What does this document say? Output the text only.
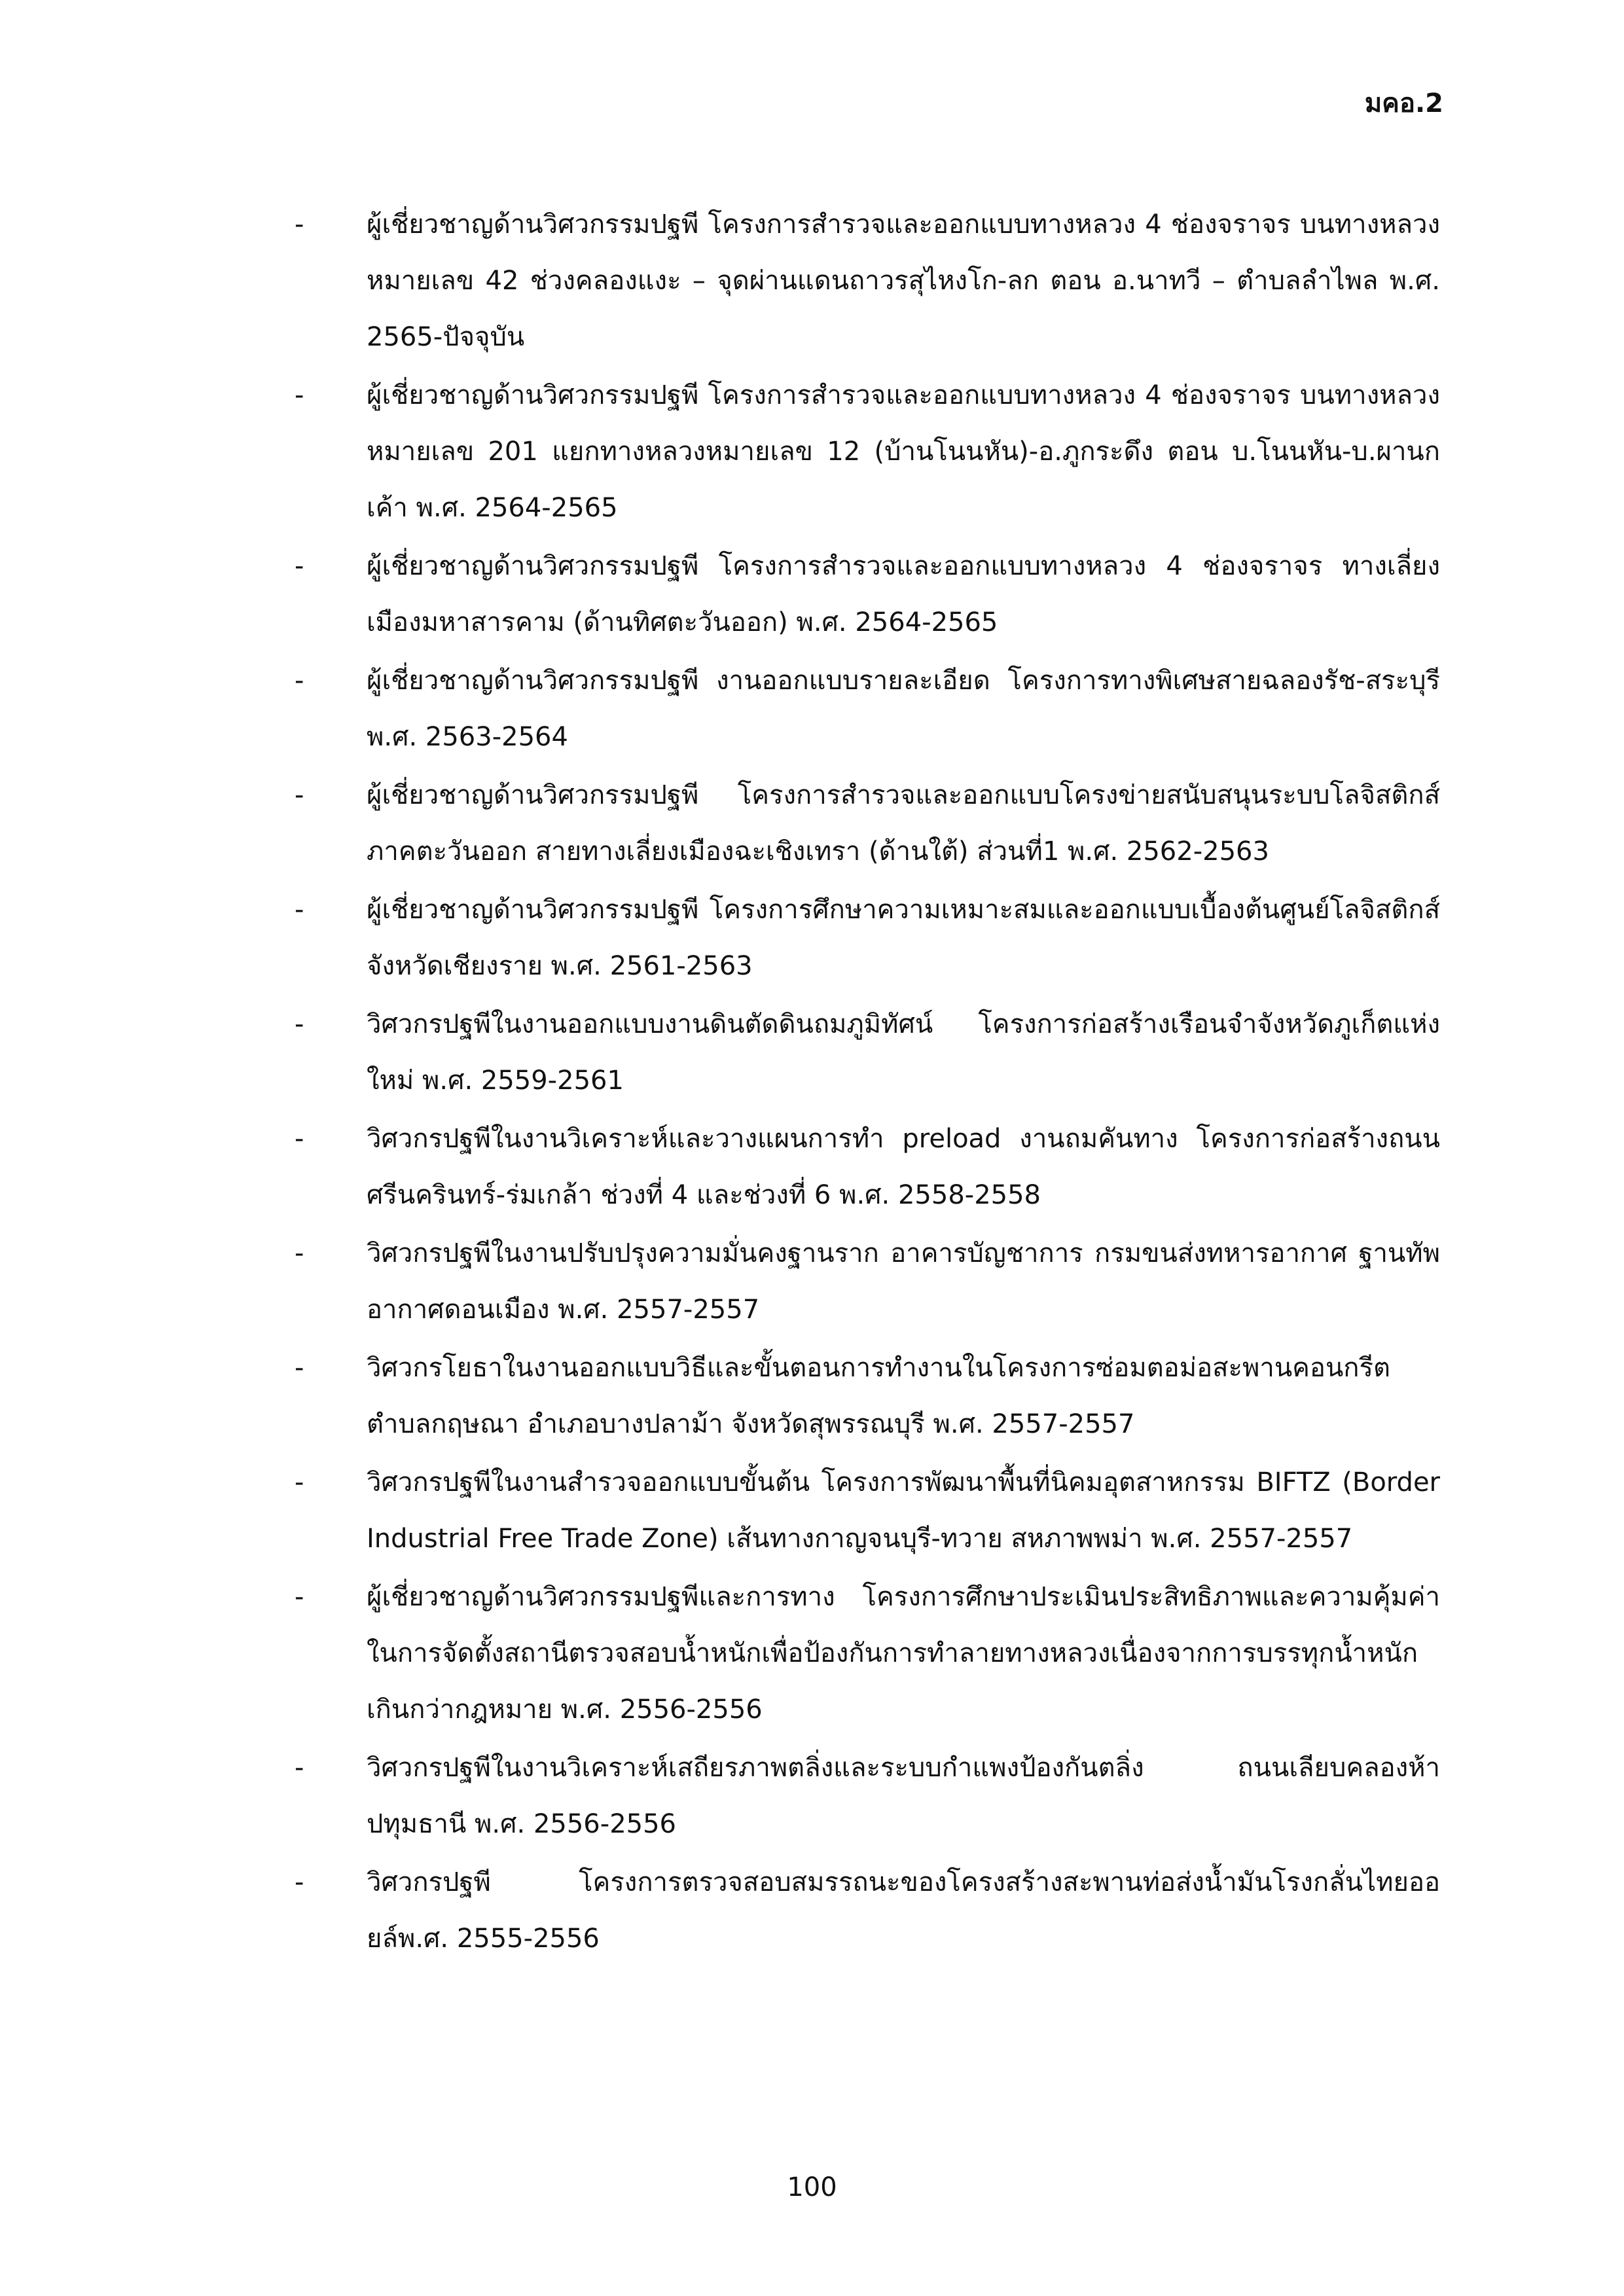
มคอ.2
- ผู้เชี่ยวชาญด้านวิศวกรรมปฐพี โครงการสำรวจและออกแบบทางหลวง 4 ช่องจราจร บนทางหลวงหมายเลข 42 ช่วงคลองแงะ – จุดผ่านแดนถาวรสุไหงโก-ลก ตอน อ.นาทวี – ตำบลลำไพล พ.ศ. 2565-ปัจจุบัน
- ผู้เชี่ยวชาญด้านวิศวกรรมปฐพี โครงการสำรวจและออกแบบทางหลวง 4 ช่องจราจร บนทางหลวงหมายเลข 201 แยกทางหลวงหมายเลข 12 (บ้านโนนหัน)-อ.ภูกระดึง ตอน บ.โนนหัน-บ.ผานกเค้า พ.ศ. 2564-2565
- ผู้เชี่ยวชาญด้านวิศวกรรมปฐพี โครงการสำรวจและออกแบบทางหลวง 4 ช่องจราจร ทางเลี่ยงเมืองมหาสารคาม (ด้านทิศตะวันออก) พ.ศ. 2564-2565
- ผู้เชี่ยวชาญด้านวิศวกรรมปฐพี งานออกแบบรายละเอียด โครงการทางพิเศษสายฉลองรัช-สระบุรี พ.ศ. 2563-2564
- ผู้เชี่ยวชาญด้านวิศวกรรมปฐพี โครงการสำรวจและออกแบบโครงข่ายสนับสนุนระบบโลจิสติกส์ภาคตะวันออก สายทางเลี่ยงเมืองฉะเชิงเทรา (ด้านใต้) ส่วนที่1 พ.ศ. 2562-2563
- ผู้เชี่ยวชาญด้านวิศวกรรมปฐพี โครงการศึกษาความเหมาะสมและออกแบบเบื้องต้นศูนย์โลจิสติกส์จังหวัดเชียงราย พ.ศ. 2561-2563
- วิศวกรปฐพีในงานออกแบบงานดินตัดดินถมภูมิทัศน์ โครงการก่อสร้างเรือนจำจังหวัดภูเก็ตแห่งใหม่ พ.ศ. 2559-2561
- วิศวกรปฐพีในงานวิเคราะห์และวางแผนการทำ preload งานถมคันทาง โครงการก่อสร้างถนนศรีนครินทร์-ร่มเกล้า ช่วงที่ 4 และช่วงที่ 6 พ.ศ. 2558-2558
- วิศวกรปฐพีในงานปรับปรุงความมั่นคงฐานราก อาคารบัญชาการ กรมขนส่งทหารอากาศ ฐานทัพอากาศดอนเมือง พ.ศ. 2557-2557
- วิศวกรโยธาในงานออกแบบวิธีและขั้นตอนการทำงานในโครงการซ่อมตอม่อสะพานคอนกรีตตำบลกฤษณา อำเภอบางปลาม้า จังหวัดสุพรรณบุรี พ.ศ. 2557-2557
- วิศวกรปฐพีในงานสำรวจออกแบบขั้นต้น โครงการพัฒนาพื้นที่นิคมอุตสาหกรรม BIFTZ (Border Industrial Free Trade Zone) เส้นทางกาญจนบุรี-ทวาย สหภาพพม่า พ.ศ. 2557-2557
- ผู้เชี่ยวชาญด้านวิศวกรรมปฐพีและการทาง โครงการศึกษาประเมินประสิทธิภาพและความคุ้มค่าในการจัดตั้งสถานีตรวจสอบน้ำหนักเพื่อป้องกันการทำลายทางหลวงเนื่องจากการบรรทุกน้ำหนักเกินกว่ากฎหมาย พ.ศ. 2556-2556
- วิศวกรปฐพีในงานวิเคราะห์เสถียรภาพตลิ่งและระบบกำแพงป้องกันตลิ่ง ถนนเลียบคลองห้าปทุมธานี พ.ศ. 2556-2556
- วิศวกรปฐพี โครงการตรวจสอบสมรรถนะของโครงสร้างสะพานท่อส่งน้ำมันโรงกลั่นไทยออยล์พ.ศ. 2555-2556
100
